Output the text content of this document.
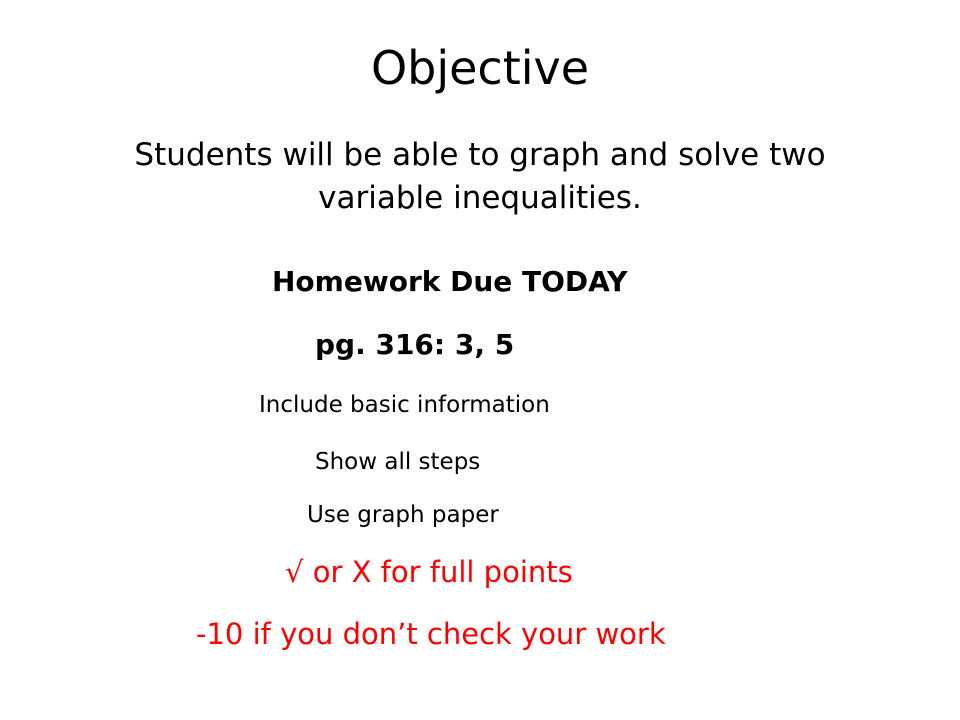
Objective
Students will be able to graph and solve two variable inequalities.
Homework Due TODAY
pg. 316: 3, 5
Include basic information
Show all steps
Use graph paper
√ or X for full points
-10 if you don’t check your work
